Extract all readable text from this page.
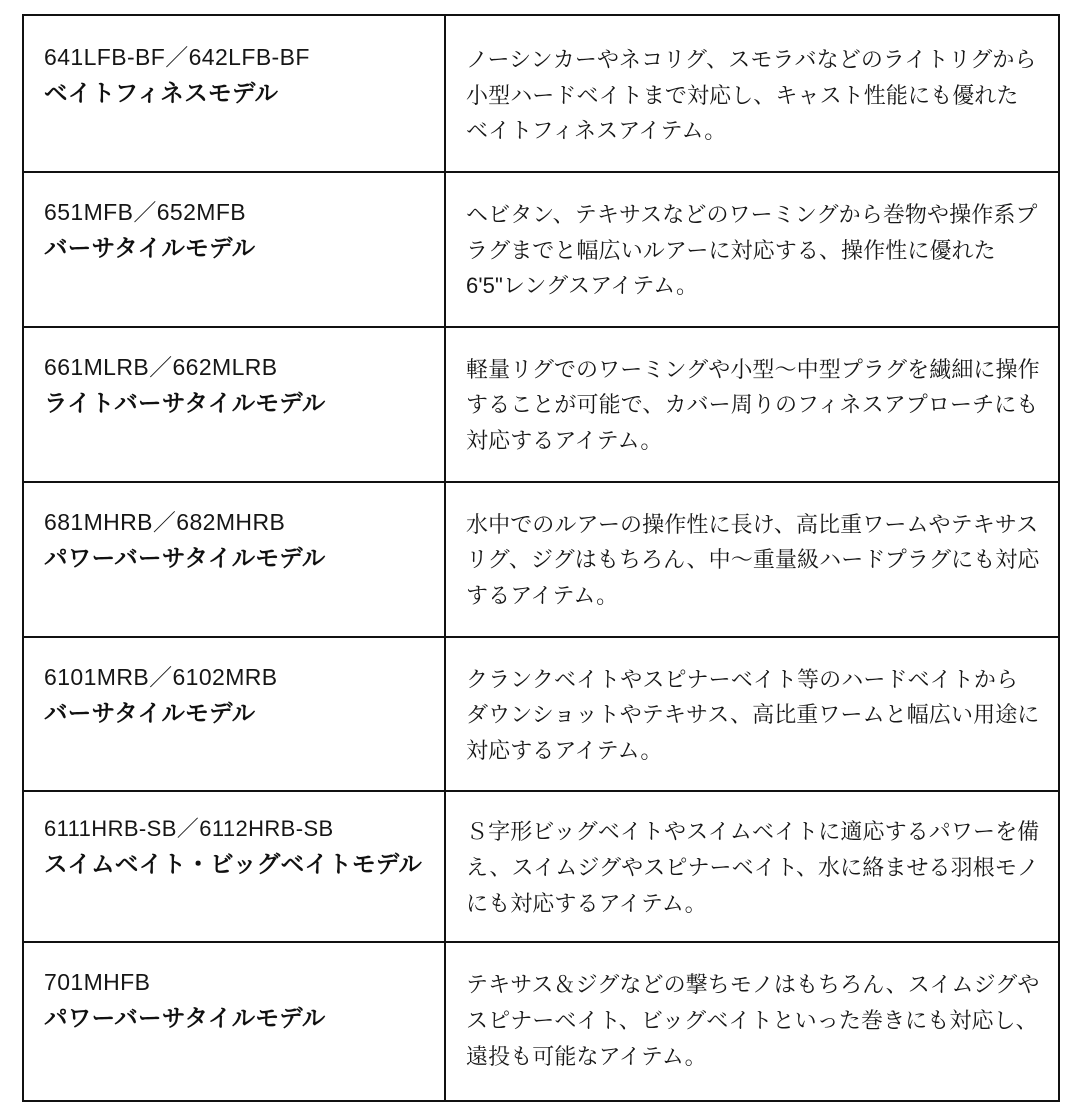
641LFB-BF／642LFB-BF
ベイトフィネスモデル	ノーシンカーやネコリグ、スモラバなどのライトリグから小型ハードベイトまで対応し、キャスト性能にも優れたベイトフィネスアイテム。

651MFB／652MFB
バーサタイルモデル	ヘビタン、テキサスなどのワーミングから巻物や操作系プラグまでと幅広いルアーに対応する、操作性に優れた6'5"レングスアイテム。

661MLRB／662MLRB
ライトバーサタイルモデル	軽量リグでのワーミングや小型〜中型プラグを繊細に操作することが可能で、カバー周りのフィネスアプローチにも対応するアイテム。

681MHRB／682MHRB
パワーバーサタイルモデル	水中でのルアーの操作性に長け、高比重ワームやテキサスリグ、ジグはもちろん、中〜重量級ハードプラグにも対応するアイテム。

6101MRB／6102MRB
バーサタイルモデル	クランクベイトやスピナーベイト等のハードベイトからダウンショットやテキサス、高比重ワームと幅広い用途に対応するアイテム。

6111HRB-SB／6112HRB-SB
スイムベイト・ビッグベイトモデル	Ｓ字形ビッグベイトやスイムベイトに適応するパワーを備え、スイムジグやスピナーベイト、水に絡ませる羽根モノにも対応するアイテム。

701MHFB
パワーバーサタイルモデル	テキサス＆ジグなどの撃ちモノはもちろん、スイムジグやスピナーベイト、ビッグベイトといった巻きにも対応し、遠投も可能なアイテム。
